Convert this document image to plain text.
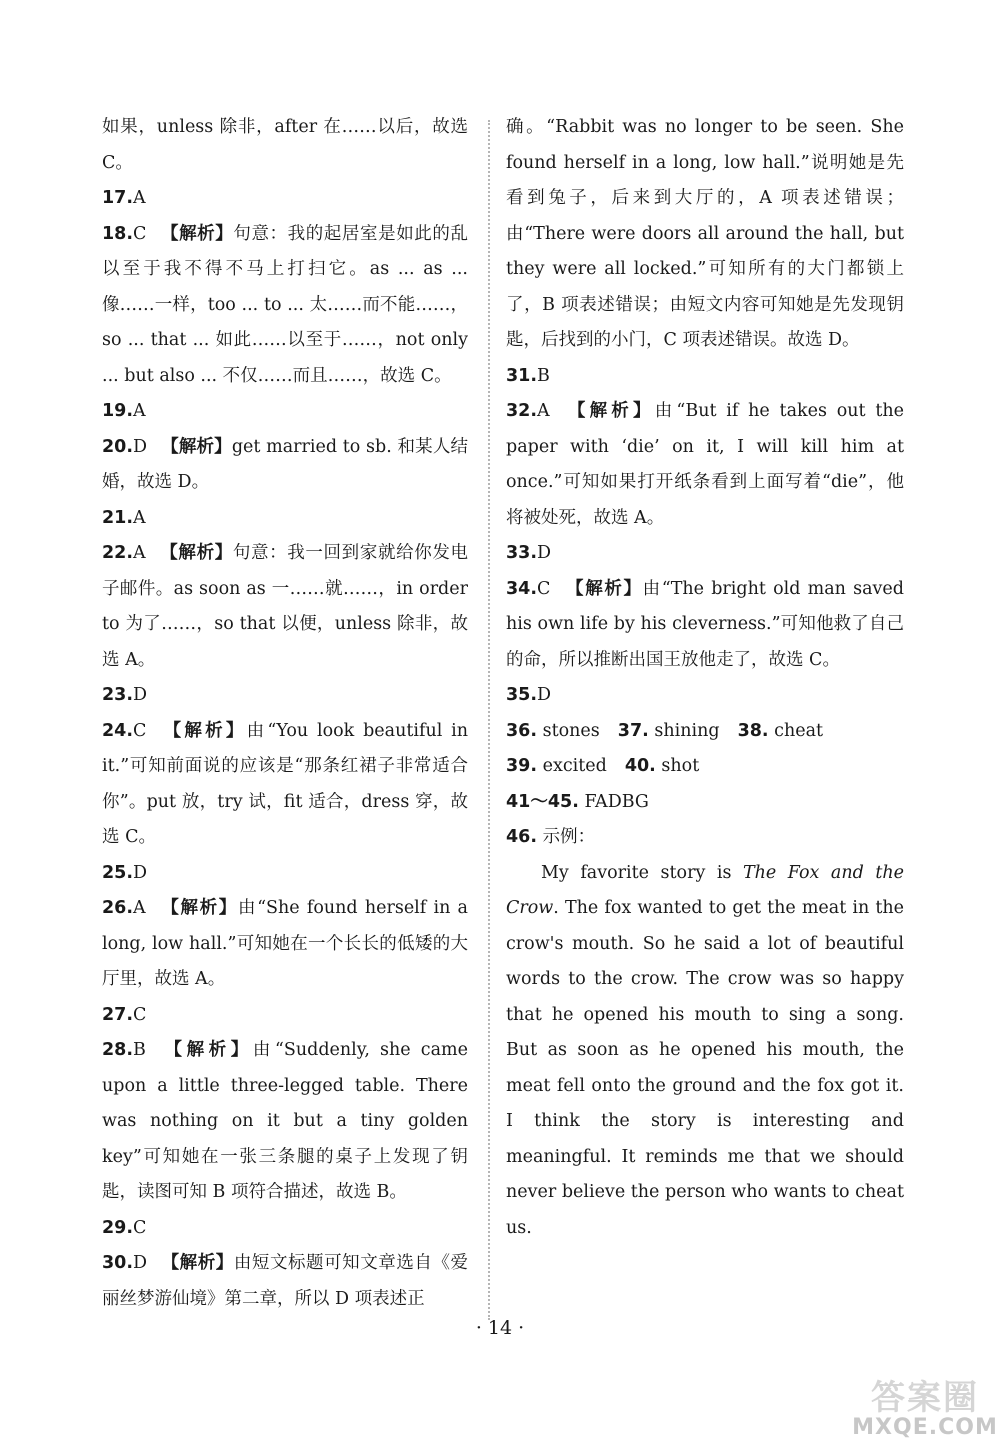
如果，unless 除非，after 在……以后，故选 C。

17.A

18.C 【解析】句意：我的起居室是如此的乱以至于我不得不马上打扫它。as ... as ... 像……一样，too ... to ... 太……而不能……，so ... that ... 如此……以至于……，not only ... but also ... 不仅……而且……，故选 C。

19.A

20.D 【解析】get married to sb. 和某人结婚，故选 D。

21.A

22.A 【解析】句意：我一回到家就给你发电子邮件。as soon as 一……就……，in order to 为了……，so that 以便，unless 除非，故选 A。

23.D

24.C 【解析】由“You look beautiful in it.”可知前面说的应该是“那条红裙子非常适合你”。put 放，try 试，fit 适合，dress 穿，故选 C。

25.D

26.A 【解析】由“She found herself in a long, low hall.”可知她在一个长长的低矮的大厅里，故选 A。

27.C

28.B 【解析】由“Suddenly, she came upon a little three-legged table. There was nothing on it but a tiny golden key”可知她在一张三条腿的桌子上发现了钥匙，读图可知 B 项符合描述，故选 B。

29.C

30.D 【解析】由短文标题可知文章选自《爱丽丝梦游仙境》第二章，所以 D 项表述正

确。“Rabbit was no longer to be seen. She found herself in a long, low hall.”说明她是先看到兔子，后来到大厅的，A 项表述错误；由“There were doors all around the hall, but they were all locked.”可知所有的大门都锁上了，B 项表述错误；由短文内容可知她是先发现钥匙，后找到的小门，C 项表述错误。故选 D。

31.B

32.A 【解析】由“But if he takes out the paper with ‘die’ on it, I will kill him at once.”可知如果打开纸条看到上面写着“die”，他将被处死，故选 A。

33.D

34.C 【解析】由“The bright old man saved his own life by his cleverness.”可知他救了自己的命，所以推断出国王放他走了，故选 C。

35.D

36. stones 37. shining 38. cheat

39. excited 40. shot

41～45. FADBG

46. 示例：

My favorite story is The Fox and the Crow. The fox wanted to get the meat in the crow's mouth. So he said a lot of beautiful words to the crow. The crow was so happy that he opened his mouth to sing a song. But as soon as he opened his mouth, the meat fell onto the ground and the fox got it. I think the story is interesting and meaningful. It reminds me that we should never believe the person who wants to cheat us.

· 14 ·
答案圈
MXQE.COM
